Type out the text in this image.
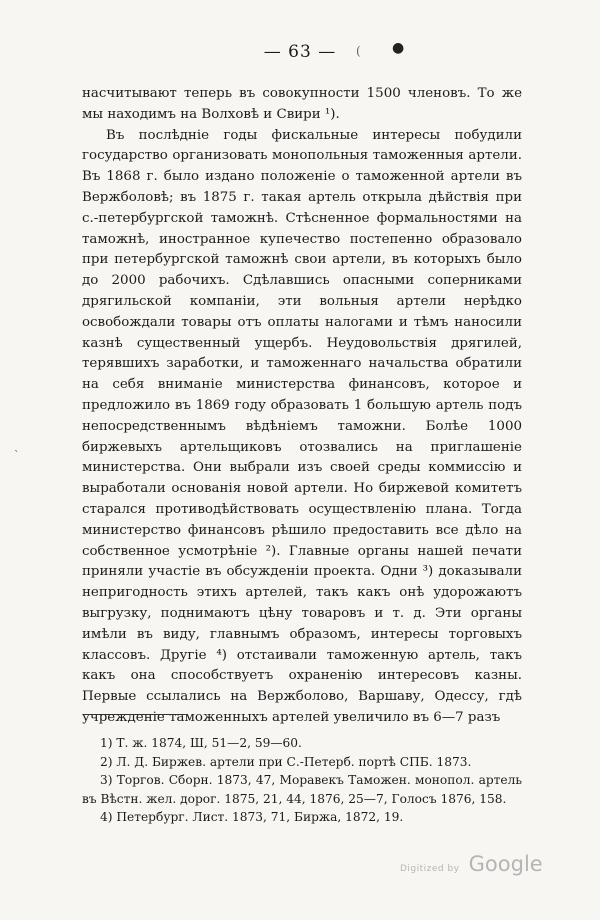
— 63 —	( ●
ˋ

насчитывают теперь въ совокупности 1500 членовъ. То же мы находимъ на Волховѣ и Свири ¹).

Въ послѣдніе годы фискальные интересы побудили государство организовать монопольныя таможенныя артели. Въ 1868 г. было издано положеніе о таможенной артели въ Вержболовѣ; въ 1875 г. такая артель открыла дѣйствія при с.-петербургской таможнѣ. Стѣсненное формальностями на таможнѣ, иностранное купечество постепенно образовало при петербургской таможнѣ свои артели, въ которыхъ было до 2000 рабочихъ. Сдѣлавшись опасными соперниками дрягильской компаніи, эти вольныя артели нерѣдко освобождали товары отъ оплаты налогами и тѣмъ наносили казнѣ существенный ущербъ. Неудовольствія дрягилей, терявшихъ заработки, и таможеннаго начальства обратили на себя вниманіе министерства финансовъ, которое и предложило въ 1869 году образовать 1 большую артель подъ непосредственнымъ вѣдѣніемъ таможни. Болѣе 1000 биржевыхъ артельщиковъ отозвались на приглашеніе министерства. Они выбрали изъ своей среды коммиссію и выработали основанія новой артели. Но биржевой комитетъ старался противодѣйствовать осуществленію плана. Тогда министерство финансовъ рѣшило предоставить все дѣло на собственное усмотрѣніе ²). Главные органы нашей печати приняли участіе въ обсужденіи проекта. Одни ³) доказывали непригодность этихъ артелей, такъ какъ онѣ удорожаютъ выгрузку, поднимаютъ цѣну товаровъ и т. д. Эти органы имѣли въ виду, главнымъ образомъ, интересы торговыхъ классовъ. Другіе ⁴) отстаивали таможенную артель, такъ какъ она способствуетъ охраненію интересовъ казны. Первые ссылались на Вержболово, Варшаву, Одессу, гдѣ учрежденіе таможенныхъ артелей увеличило въ 6—7 разъ

1) Т. ж. 1874, Ш, 51—2, 59—60.
2) Л. Д. Биржев. артели при С.-Петерб. портѣ СПБ. 1873.
3) Торгов. Сборн. 1873, 47, Моравекъ Таможен. монопол. артель въ Вѣстн. жел. дорог. 1875, 21, 44, 1876, 25—7, Голосъ 1876, 158.
4) Петербург. Лист. 1873, 71, Биржа, 1872, 19.
Digitized by Google
